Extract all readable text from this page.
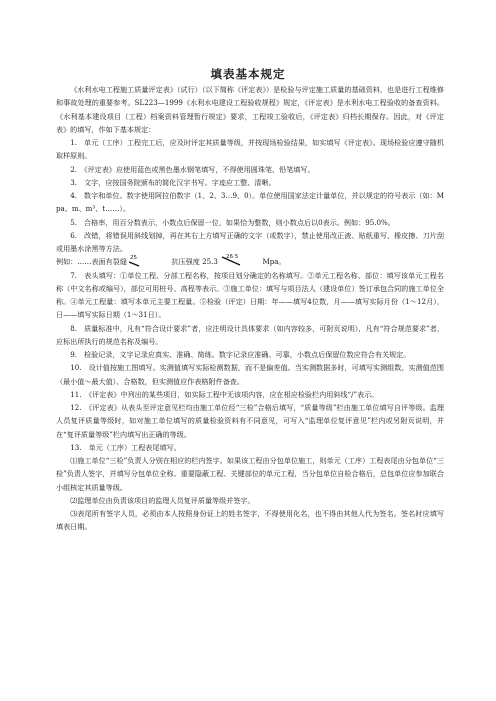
填表基本规定

《水利水电工程施工质量评定表》（试行）（以下简称《评定表》）是检验与评定施工质量的基础资料，也是进行工程维修和事故处理的重要参考。SL223—1999《水利水电建设工程验收规程》规定，《评定表》是水利水电工程验收的备查资料。《水利基本建设项目（工程）档案资料管理暂行规定》要求，工程竣工验收后，《评定表》归档长期保存。因此，对《评定表》的填写，作如下基本规定：

1.　单元（工序）工程完工后，应及时评定其质量等级，并按现场检验结果，如实填写《评定表》。现场检验应遵守随机取样原则。

2.　《评定表》应使用蓝色或黑色墨水钢笔填写，不得使用圆珠笔、铅笔填写。

3.　文字，应按国务院颁布的简化汉字书写。字迹应工整、清晰。

4.　数字和单位。数字使用阿拉伯数字（1、2、3…9、0）。单位使用国家法定计量单位，并以规定的符号表示（如：Mpa、m、m³、t……）。

5.　合格率，用百分数表示，小数点后保留一位，如果恰为整数，则小数点后以0表示。例如：95.0%。

6.　改错，将错误用斜线划掉，再在其右上方填写正确的文字（或数字），禁止使用改正液、贴纸重写、橡皮擦、刀片刮或用墨水涂黑等方法。

例如：……表面有裂缝 25	抗压强度 25.3 26.5	Mpa。

7.　表头填写：①单位工程、分部工程名称，按项目划分确定的名称填写。②单元工程名称、部位：填写该单元工程名称（中文名称或编号），部位可用桩号、高程等表示。③施工单位：填写与项目法人（建设单位）签订承包合同的施工单位全称。④单元工程量：填写本单元主要工程量。⑤检验（评定）日期：年——填写4位数，月——填写实际月份（1～12月），日——填写实际日期（1～31日）。

8.　质量标准中，凡有“符合设计要求”者，应注明设计具体要求（如内容较多，可附页说明），凡有“符合规范要求”者，应标出所执行的规范名称及编号。

9.　检验记录，文字记录应真实、准确、简练。数字记录应准确、可靠，小数点后保留位数应符合有关规定。

10.　设计值按施工图填写。实测值填写实际检测数据，而不是偏差值。当实测数据多时，可填写实测组数、实测值范围（最小值～最大值）、合格数，但实测值应作表格附件备查。

11.　《评定表》中列出的某些项目，如实际工程中无该项内容，应在相应检验栏内用斜线“/”表示。

12.　《评定表》从表头至评定意见栏均由施工单位经“三检”合格后填写，“质量等级”栏由施工单位填写自评等级。监理人员复评质量等级时，如对施工单位填写的质量检验资料有不同意见，可写入“监理单位复评意见”栏内或另附页说明，并在“复评质量等级”栏内填写出正确的等级。

13.　单元（工序）工程表尾填写。

⑴施工单位“三检”负责人分别在相应的栏内签字。如果该工程由分包单位施工，则单元（工序）工程表尾由分包单位“三检”负责人签字，并填写分包单位全称。重要隐蔽工程、关键部位的单元工程，当分包单位自检合格后，总包单位应参加联合小组核定其质量等级。

⑵监理单位由负责该项目的监理人员复评质量等级并签字。

⑶表尾所有签字人员，必须由本人按照身份证上的姓名签字，不得使用化名，也不得由其他人代为签名。签名时应填写填表日期。
